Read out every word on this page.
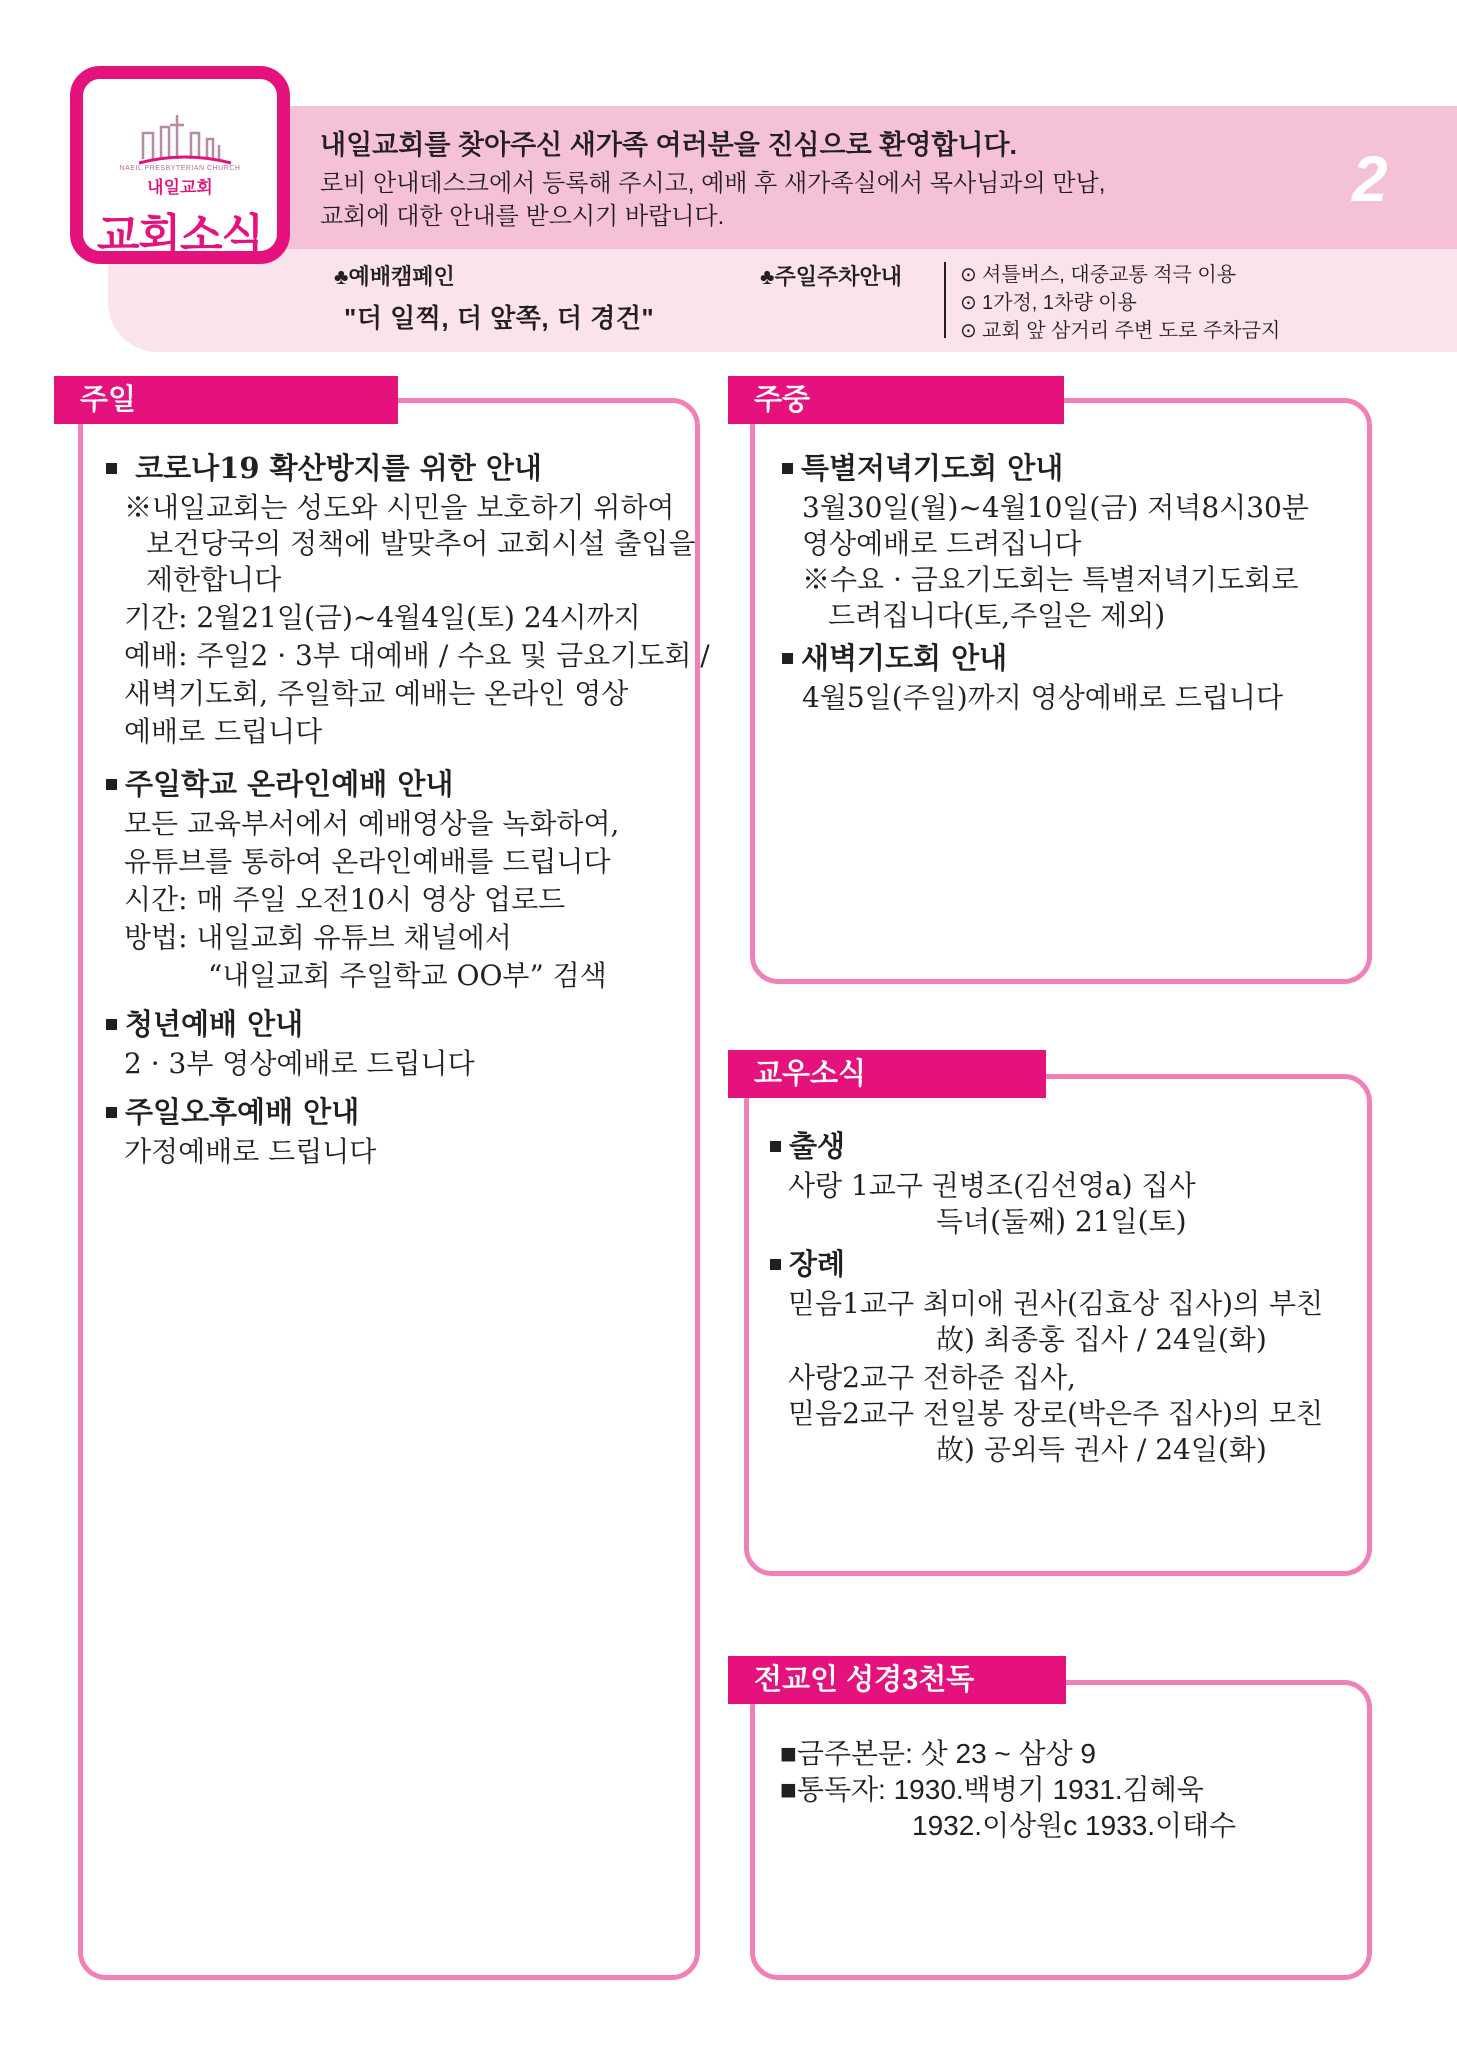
NAEIL PRESBYTERIAN CHURCH
내일교회
교회소식
내일교회를 찾아주신 새가족 여러분을 진심으로 환영합니다.
로비 안내데스크에서 등록해 주시고, 예배 후 새가족실에서 목사님과의 만남,
교회에 대한 안내를 받으시기 바랍니다.
2
♣예배캠페인
"더 일찍, 더 앞쪽, 더 경건"
♣주일주차안내	⊙ 셔틀버스, 대중교통 적극 이용
⊙ 1가정, 1차량 이용
⊙ 교회 앞 삼거리 주변 도로 주차금지
주일
코로나19 확산방지를 위한 안내
※내일교회는 성도와 시민을 보호하기 위하여
보건당국의 정책에 발맞추어 교회시설 출입을
제한합니다
기간: 2월21일(금)~4월4일(토) 24시까지
예배: 주일2 · 3부 대예배 / 수요 및 금요기도회 /
새벽기도회, 주일학교 예배는 온라인 영상
예배로 드립니다
주일학교 온라인예배 안내
모든 교육부서에서 예배영상을 녹화하여,
유튜브를 통하여 온라인예배를 드립니다
시간: 매 주일 오전10시 영상 업로드
방법: 내일교회 유튜브 채널에서
“내일교회 주일학교 OO부” 검색
청년예배 안내
2 · 3부 영상예배로 드립니다
주일오후예배 안내
가정예배로 드립니다
주중
특별저녁기도회 안내
3월30일(월)~4월10일(금) 저녁8시30분
영상예배로 드려집니다
※수요 · 금요기도회는 특별저녁기도회로
드려집니다(토,주일은 제외)
새벽기도회 안내
4월5일(주일)까지 영상예배로 드립니다
교우소식
출생
사랑 1교구 권병조(김선영a) 집사
득녀(둘째) 21일(토)
장례
믿음1교구 최미애 권사(김효상 집사)의 부친
故) 최종홍 집사 / 24일(화)
사랑2교구 전하준 집사,
믿음2교구 전일봉 장로(박은주 집사)의 모친
故) 공외득 권사 / 24일(화)
전교인 성경3천독
■금주본문: 삿 23 ~ 삼상 9
■통독자: 1930.백병기 1931.김혜욱
1932.이상원c 1933.이태수
